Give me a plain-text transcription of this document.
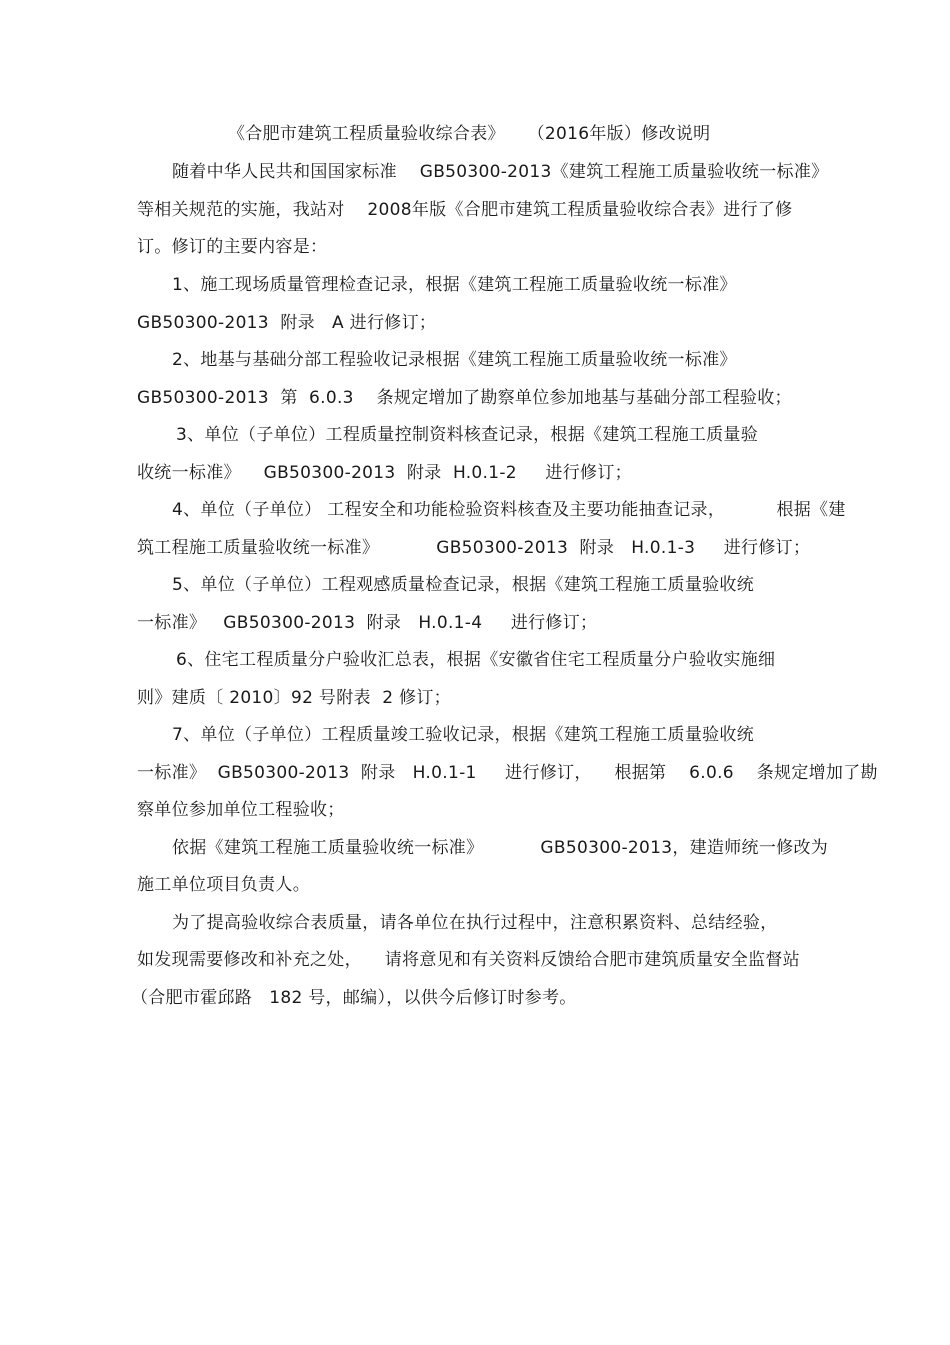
《合肥市建筑工程质量验收综合表》    （2016年版）修改说明
随着中华人民共和国国家标准    GB50300-2013《建筑工程施工质量验收统一标准》
等相关规范的实施，我站对    2008年版《合肥市建筑工程质量验收综合表》进行了修
订。修订的主要内容是：
1、施工现场质量管理检查记录，根据《建筑工程施工质量验收统一标准》
GB50300-2013  附录   A 进行修订；
2、地基与基础分部工程验收记录根据《建筑工程施工质量验收统一标准》
GB50300-2013  第  6.0.3    条规定增加了勘察单位参加地基与基础分部工程验收；
3、单位（子单位）工程质量控制资料核查记录，根据《建筑工程施工质量验
收统一标准》    GB50300-2013  附录  H.0.1-2     进行修订；
4、单位（子单位） 工程安全和功能检验资料核查及主要功能抽查记录，         根据《建
筑工程施工质量验收统一标准》          GB50300-2013  附录   H.0.1-3     进行修订；
5、单位（子单位）工程观感质量检查记录，根据《建筑工程施工质量验收统
一标准》   GB50300-2013  附录   H.0.1-4     进行修订；
6、住宅工程质量分户验收汇总表，根据《安徽省住宅工程质量分户验收实施细
则》建质〔 2010〕92 号附表  2 修订；
7、单位（子单位）工程质量竣工验收记录，根据《建筑工程施工质量验收统
一标准》  GB50300-2013  附录   H.0.1-1     进行修订，    根据第    6.0.6    条规定增加了勘
察单位参加单位工程验收；
依据《建筑工程施工质量验收统一标准》          GB50300-2013，建造师统一修改为
施工单位项目负责人。
为了提高验收综合表质量，请各单位在执行过程中，注意积累资料、总结经验，
如发现需要修改和补充之处，    请将意见和有关资料反馈给合肥市建筑质量安全监督站
（合肥市霍邱路   182 号，邮编），以供今后修订时参考。
